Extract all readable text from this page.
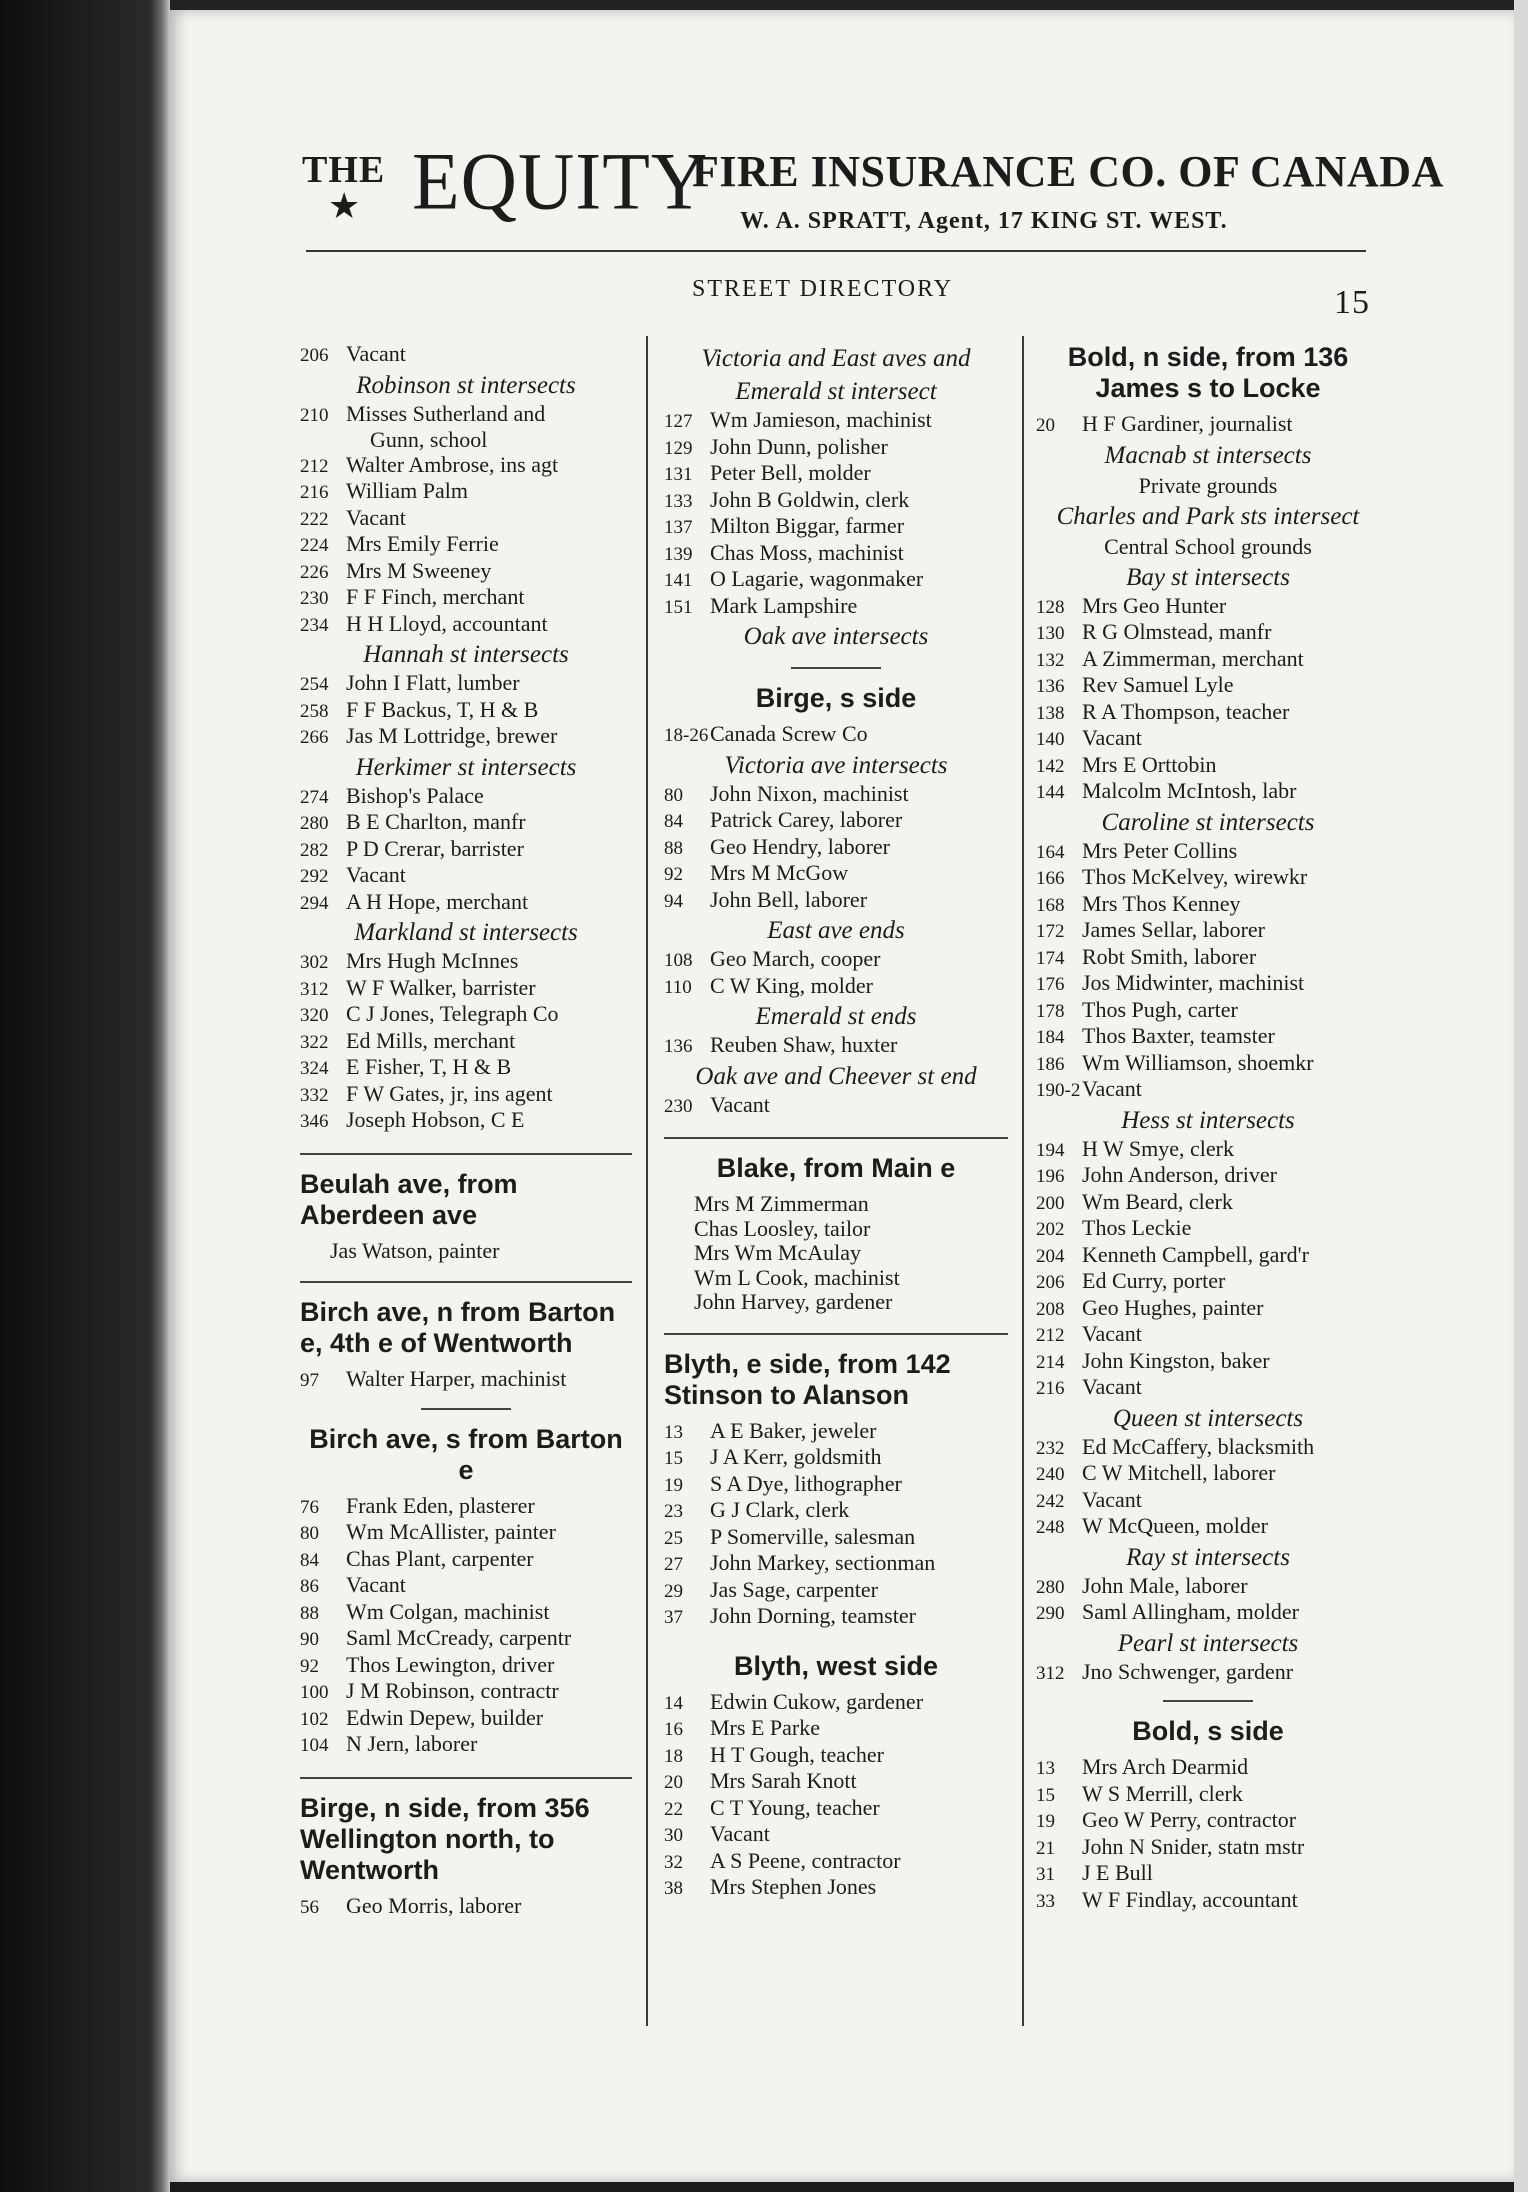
THE
★ EQUITY
FIRE INSURANCE CO. OF CANADA
W. A. SPRATT, Agent, 17 KING ST. WEST.
STREET DIRECTORY	15
206 Vacant
Robinson st intersects
210 Misses Sutherland and
Gunn, school
212 Walter Ambrose, ins agt
216 William Palm
222 Vacant
224 Mrs Emily Ferrie
226 Mrs M Sweeney
230 F F Finch, merchant
234 H H Lloyd, accountant
Hannah st intersects
254 John I Flatt, lumber
258 F F Backus, T, H & B
266 Jas M Lottridge, brewer
Herkimer st intersects
274 Bishop's Palace
280 B E Charlton, manfr
282 P D Crerar, barrister
292 Vacant
294 A H Hope, merchant
Markland st intersects
302 Mrs Hugh McInnes
312 W F Walker, barrister
320 C J Jones, Telegraph Co
322 Ed Mills, merchant
324 E Fisher, T, H & B
332 F W Gates, jr, ins agent
346 Joseph Hobson, C E
Beulah ave, from Aberdeen ave
Jas Watson, painter
Birch ave, n from Barton e, 4th e of Wentworth
97	Walter Harper, machinist
Birch ave, s from Barton e
76	Frank Eden, plasterer
80	Wm McAllister, painter
84	Chas Plant, carpenter
86	Vacant
88	Wm Colgan, machinist
90	Saml McCready, carpentr
92	Thos Lewington, driver
100 J M Robinson, contractr
102 Edwin Depew, builder
104 N Jern, laborer
Birge, n side, from 356 Wellington north, to Wentworth
56	Geo Morris, laborer
Victoria and East aves and Emerald st intersect
127 Wm Jamieson, machinist
129 John Dunn, polisher
131 Peter Bell, molder
133 John B Goldwin, clerk
137 Milton Biggar, farmer
139 Chas Moss, machinist
141 O Lagarie, wagonmaker
151 Mark Lampshire
Oak ave intersects
Birge, s side
18-26 Canada Screw Co
Victoria ave intersects
80	John Nixon, machinist
84	Patrick Carey, laborer
88	Geo Hendry, laborer
92	Mrs M McGow
94	John Bell, laborer
East ave ends
108 Geo March, cooper
110 C W King, molder
Emerald st ends
136 Reuben Shaw, huxter
Oak ave and Cheever st end
230 Vacant
Blake, from Main e
Mrs M Zimmerman
Chas Loosley, tailor
Mrs Wm McAulay
Wm L Cook, machinist
John Harvey, gardener
Blyth, e side, from 142 Stinson to Alanson
13	A E Baker, jeweler
15	J A Kerr, goldsmith
19	S A Dye, lithographer
23	G J Clark, clerk
25	P Somerville, salesman
27	John Markey, sectionman
29	Jas Sage, carpenter
37	John Dorning, teamster
Blyth, west side
14	Edwin Cukow, gardener
16	Mrs E Parke
18	H T Gough, teacher
20	Mrs Sarah Knott
22	C T Young, teacher
30	Vacant
32	A S Peene, contractor
38	Mrs Stephen Jones
Bold, n side, from 136 James s to Locke
20	H F Gardiner, journalist
Macnab st intersects
Private grounds
Charles and Park sts intersect
Central School grounds
Bay st intersects
128 Mrs Geo Hunter
130 R G Olmstead, manfr
132 A Zimmerman, merchant
136 Rev Samuel Lyle
138 R A Thompson, teacher
140 Vacant
142 Mrs E Orttobin
144 Malcolm McIntosh, labr
Caroline st intersects
164 Mrs Peter Collins
166 Thos McKelvey, wirewkr
168 Mrs Thos Kenney
172 James Sellar, laborer
174 Robt Smith, laborer
176 Jos Midwinter, machinist
178 Thos Pugh, carter
184 Thos Baxter, teamster
186 Wm Williamson, shoemkr
190-2 Vacant
Hess st intersects
194 H W Smye, clerk
196 John Anderson, driver
200 Wm Beard, clerk
202 Thos Leckie
204 Kenneth Campbell, gard'r
206 Ed Curry, porter
208 Geo Hughes, painter
212 Vacant
214 John Kingston, baker
216 Vacant
Queen st intersects
232 Ed McCaffery, blacksmith
240 C W Mitchell, laborer
242 Vacant
248 W McQueen, molder
Ray st intersects
280 John Male, laborer
290 Saml Allingham, molder
Pearl st intersects
312 Jno Schwenger, gardenr
Bold, s side
13	Mrs Arch Dearmid
15	W S Merrill, clerk
19	Geo W Perry, contractor
21	John N Snider, statn mstr
31	J E Bull
33	W F Findlay, accountant
